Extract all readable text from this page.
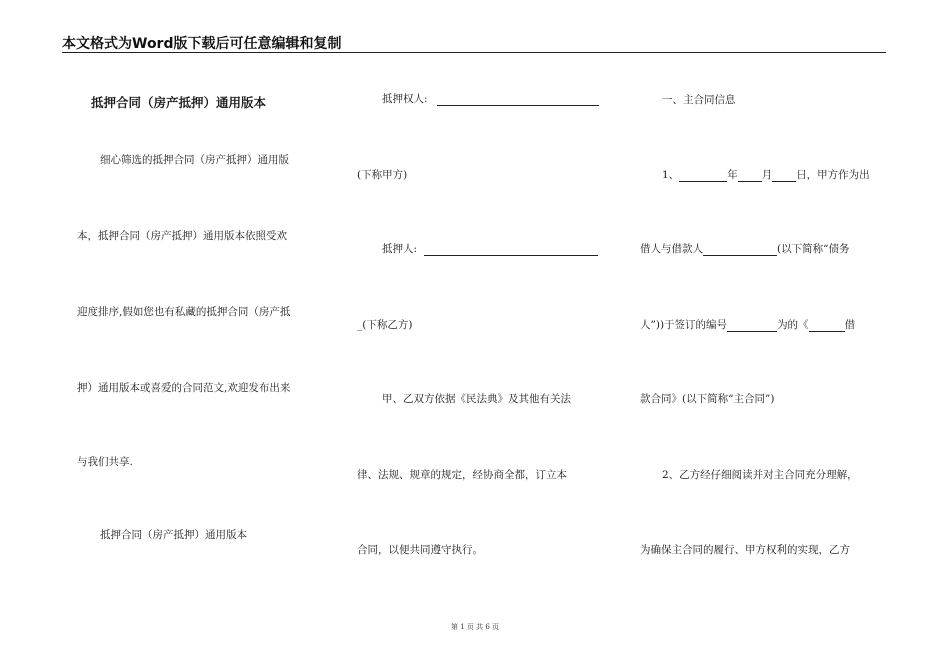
本文格式为Word版下载后可任意编辑和复制
抵押合同（房产抵押）通用版本
细心筛选的抵押合同（房产抵押）通用版
本，抵押合同（房产抵押）通用版本依照受欢
迎度排序,假如您也有私藏的抵押合同（房产抵
押）通用版本或喜爱的合同范文,欢迎发布出来
与我们共享.
抵押合同（房产抵押）通用版本
抵押权人:
(下称甲方)
抵押人:
_(下称乙方)
甲、乙双方依据《民法典》及其他有关法
律、法规、规章的规定，经协商全都，订立本
合同，以便共同遵守执行。
一、主合同信息
1、	年 月 日，甲方作为出
借人与借款人	(以下简称“债务
人”))于签订的编号	为的《	借
款合同》(以下简称“主合同”)
2、乙方经仔细阅读并对主合同充分理解，
为确保主合同的履行、甲方权利的实现，乙方
第 1 页 共 6 页
